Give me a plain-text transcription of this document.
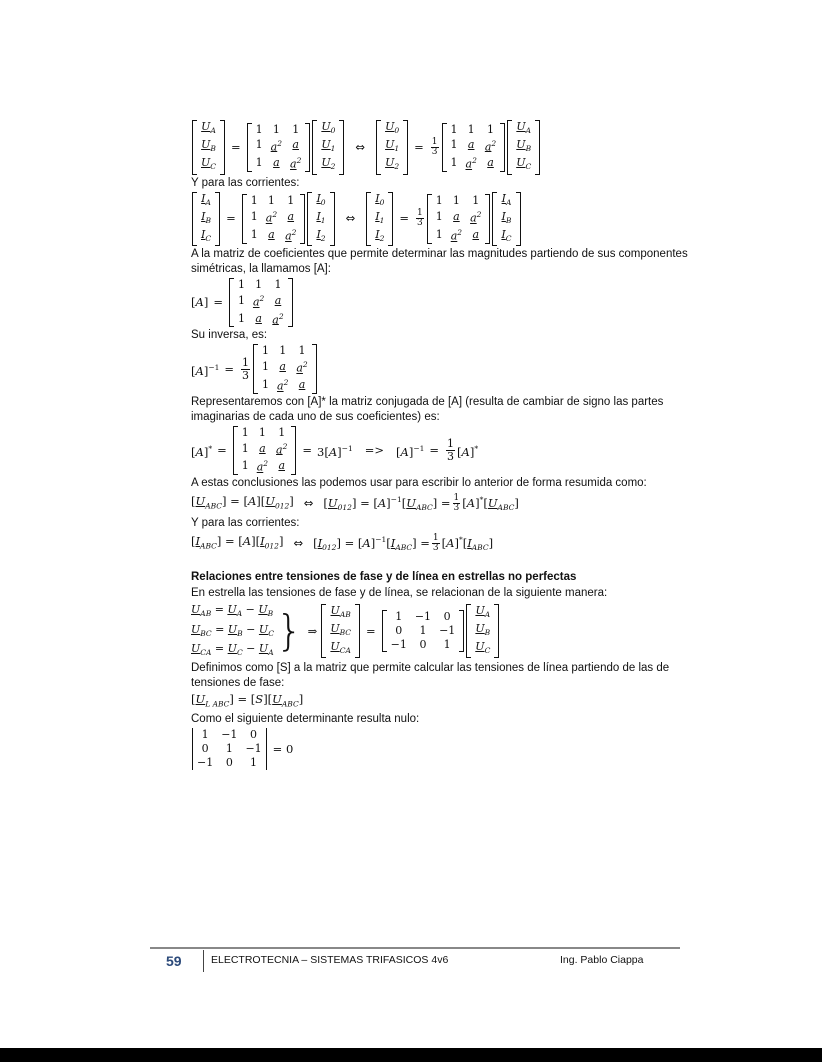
$U_A$
$U_B$
$U_C$
=
1	1	1
1	$a^2$	a
1	a	$a^2$
$U_0$
$U_1$
$U_2$
⇔
$U_0$
$U_1$
$U_2$
= $\frac{1}{3}$
1	1	1
1	a	$a^2$
1	$a^2$	a
$U_A$
$U_B$
$U_C$
Y para las corrientes:
$I_A$
$I_B$
$I_C$
=
1	1	1
1	$a^2$	a
1	a	$a^2$
$I_0$
$I_1$
$I_2$
⇔
$I_0$
$I_1$
$I_2$
= $\frac{1}{3}$
1	1	1
1	a	$a^2$
1	$a^2$	a
$I_A$
$I_B$
$I_C$
A la matriz de coeficientes que permite determinar las magnitudes partiendo de sus componentes simétricas, la llamamos [A]:
[A] =
1	1	1
1	$a^2$	a
1	a	$a^2$
Su inversa, es:
$[A]^{-1} = \frac{1}{3}$
1	1	1
1	a	$a^2$
1	$a^2$	a
Representaremos con [A]* la matriz conjugada de [A] (resulta de cambiar de signo las partes imaginarias de cada uno de sus coeficientes) es:
[A]* =
1	1	1
1	a	$a^2$
1	$a^2$	a
= $3[A]^{-1} => [A]^{-1} = \frac{1}{3} [A]^*$
A estas conclusiones las podemos usar para escribir lo anterior de forma resumida como:
$[U_{ABC}] = [A][U_{012}]$ ⇔ $[U_{012}] = [A]^{-1}[U_{ABC}] = \frac{1}{3} [A]^*[U_{ABC}]$
Y para las corrientes:
$[I_{ABC}] = [A][I_{012}]$ ⇔ $[I_{012}] = [A]^{-1}[I_{ABC}] = \frac{1}{3} [A]^*[I_{ABC}]$
Relaciones entre tensiones de fase y de línea en estrellas no perfectas
En estrella las tensiones de fase y de línea, se relacionan de la siguiente manera:
$U_{AB} = U_A - U_B$
$U_{BC} = U_B - U_C$
$U_{CA} = U_C - U_A$ } ⇒
$U_{AB}$
$U_{BC}$
$U_{CA}$
=
1	−1	0
0	1	−1
−1	0	1
$U_A$
$U_B$
$U_C$
Definimos como [S] a la matriz que permite calcular las tensiones de línea partiendo de las de tensiones de fase:
$[U_{L ABC}] = [S][U_{ABC}]$
Como el siguiente determinante resulta nulo:
1	−1	0
0	1	−1
−1	0	1
= 0
59	ELECTROTECNIA – SISTEMAS TRIFASICOS 4v6	Ing. Pablo Ciappa
